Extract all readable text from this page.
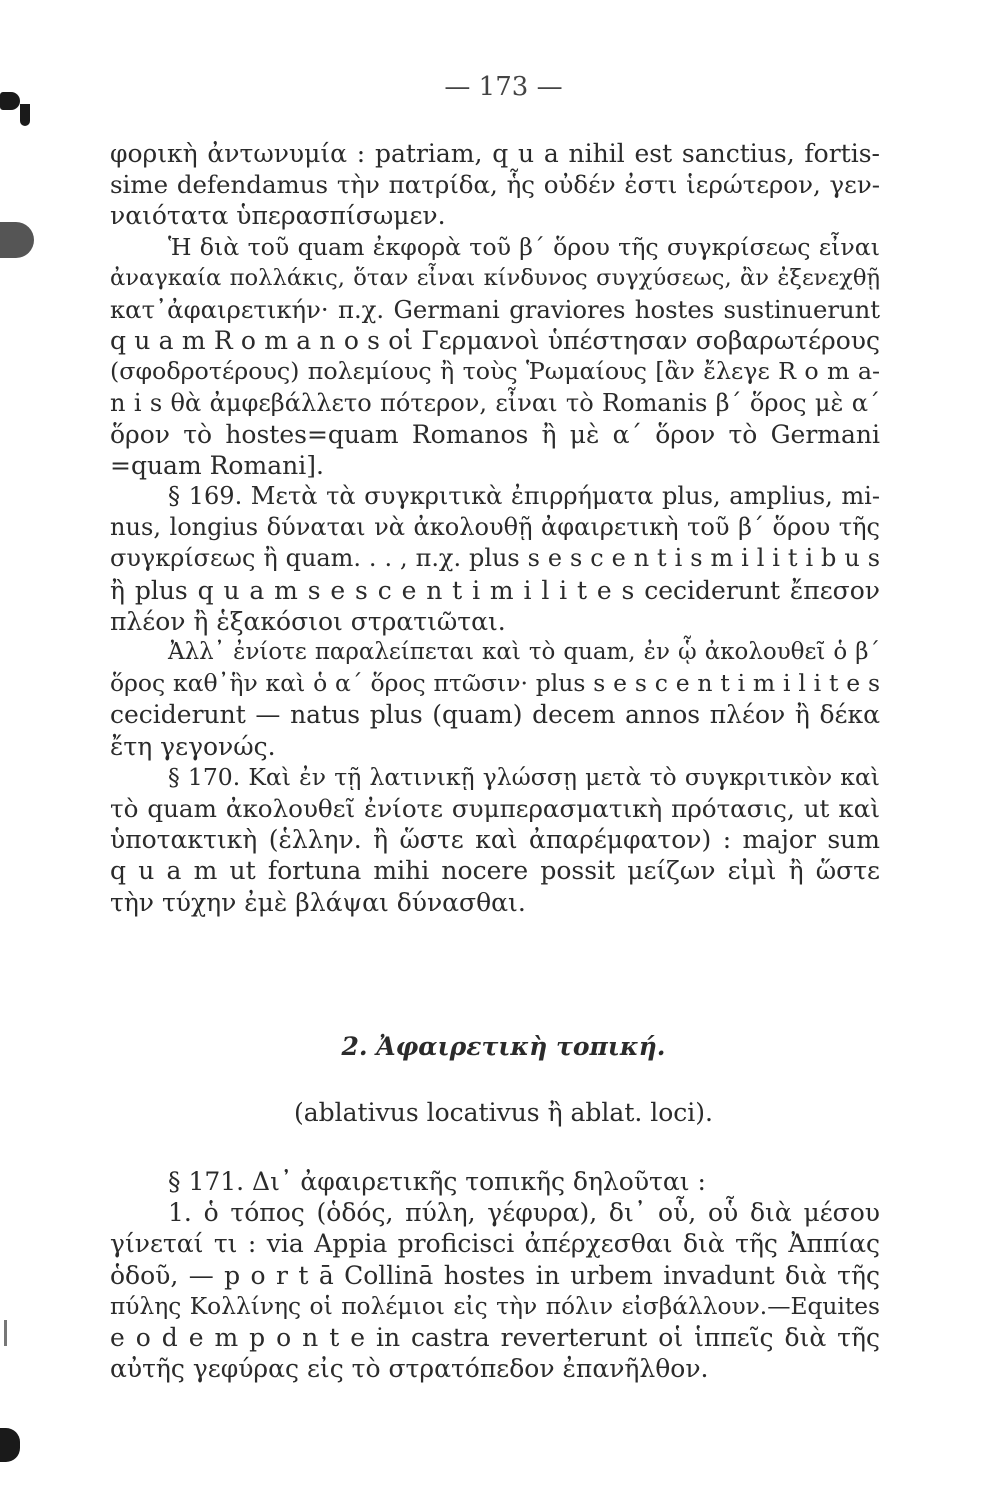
— 173 —
φορικὴ ἀντωνυμία : patriam, q u a nihil est sanctius, fortis-
sime defendamus τὴν πατρίδα, ἧς οὐδέν ἐστι ἱερώτερον, γεν-
ναιότατα ὑπερασπίσωμεν.
Ἡ διὰ τοῦ quam ἐκφορὰ τοῦ β΄ ὅρου τῆς συγκρίσεως εἶναι
ἀναγκαία πολλάκις, ὅταν εἶναι κίνδυνος συγχύσεως, ἂν ἐξενεχθῇ
κατ᾽ἀφαιρετικήν· π.χ. Germani graviores hostes sustinuerunt
q u a m R o m a n o s οἱ Γερμανοὶ ὑπέστησαν σοβαρωτέρους
(σφοδροτέρους) πολεμίους ἢ τοὺς Ῥωμαίους [ἂν ἔλεγε R o m a-
n i s θὰ ἀμφεβάλλετο πότερον, εἶναι τὸ Romanis β΄ ὅρος μὲ α΄
ὅρον τὸ hostes=quam Romanos ἢ μὲ α΄ ὅρον τὸ Germani
=quam Romani].
§ 169. Μετὰ τὰ συγκριτικὰ ἐπιρρήματα plus, amplius, mi-
nus, longius δύναται νὰ ἀκολουθῇ ἀφαιρετικὴ τοῦ β΄ ὅρου τῆς
συγκρίσεως ἢ quam. . . , π.χ. plus s e s c e n t i s m i l i t i b u s
ἢ plus q u a m s e s c e n t i m i l i t e s ceciderunt ἔπεσον
πλέον ἢ ἑξακόσιοι στρατιῶται.
Ἀλλ᾽ ἐνίοτε παραλείπεται καὶ τὸ quam, ἐν ᾧ ἀκολουθεῖ ὁ β΄
ὅρος καθ᾽ἣν καὶ ὁ α΄ ὅρος πτῶσιν· plus s e s c e n t i m i l i t e s
ceciderunt — natus plus (quam) decem annos πλέον ἢ δέκα
ἔτη γεγονώς.
§ 170. Καὶ ἐν τῇ λατινικῇ γλώσσῃ μετὰ τὸ συγκριτικὸν καὶ
τὸ quam ἀκολουθεῖ ἐνίοτε συμπερασματικὴ πρότασις, ut καὶ
ὑποτακτικὴ (ἑλλην. ἢ ὥστε καὶ ἀπαρέμφατον) : major sum
q u a m ut fortuna mihi nocere possit μείζων εἰμὶ ἢ ὥστε
τὴν τύχην ἐμὲ βλάψαι δύνασθαι.
2. Ἀφαιρετικὴ τοπική.
(ablativus locativus ἢ ablat. loci).
§ 171. Δι᾽ ἀφαιρετικῆς τοπικῆς δηλοῦται :
1. ὁ τόπος (ὁδός, πύλη, γέφυρα), δι᾽ οὗ, οὗ διὰ μέσου
γίνεταί τι : via Appia proficisci ἀπέρχεσθαι διὰ τῆς Ἀππίας
ὁδοῦ, — p o r t ā Collinā hostes in urbem invadunt διὰ τῆς
πύλης Κολλίνης οἱ πολέμιοι εἰς τὴν πόλιν εἰσβάλλουν.—Equites
e o d e m p o n t e in castra reverterunt οἱ ἱππεῖς διὰ τῆς
αὐτῆς γεφύρας εἰς τὸ στρατόπεδον ἐπανῆλθον.
